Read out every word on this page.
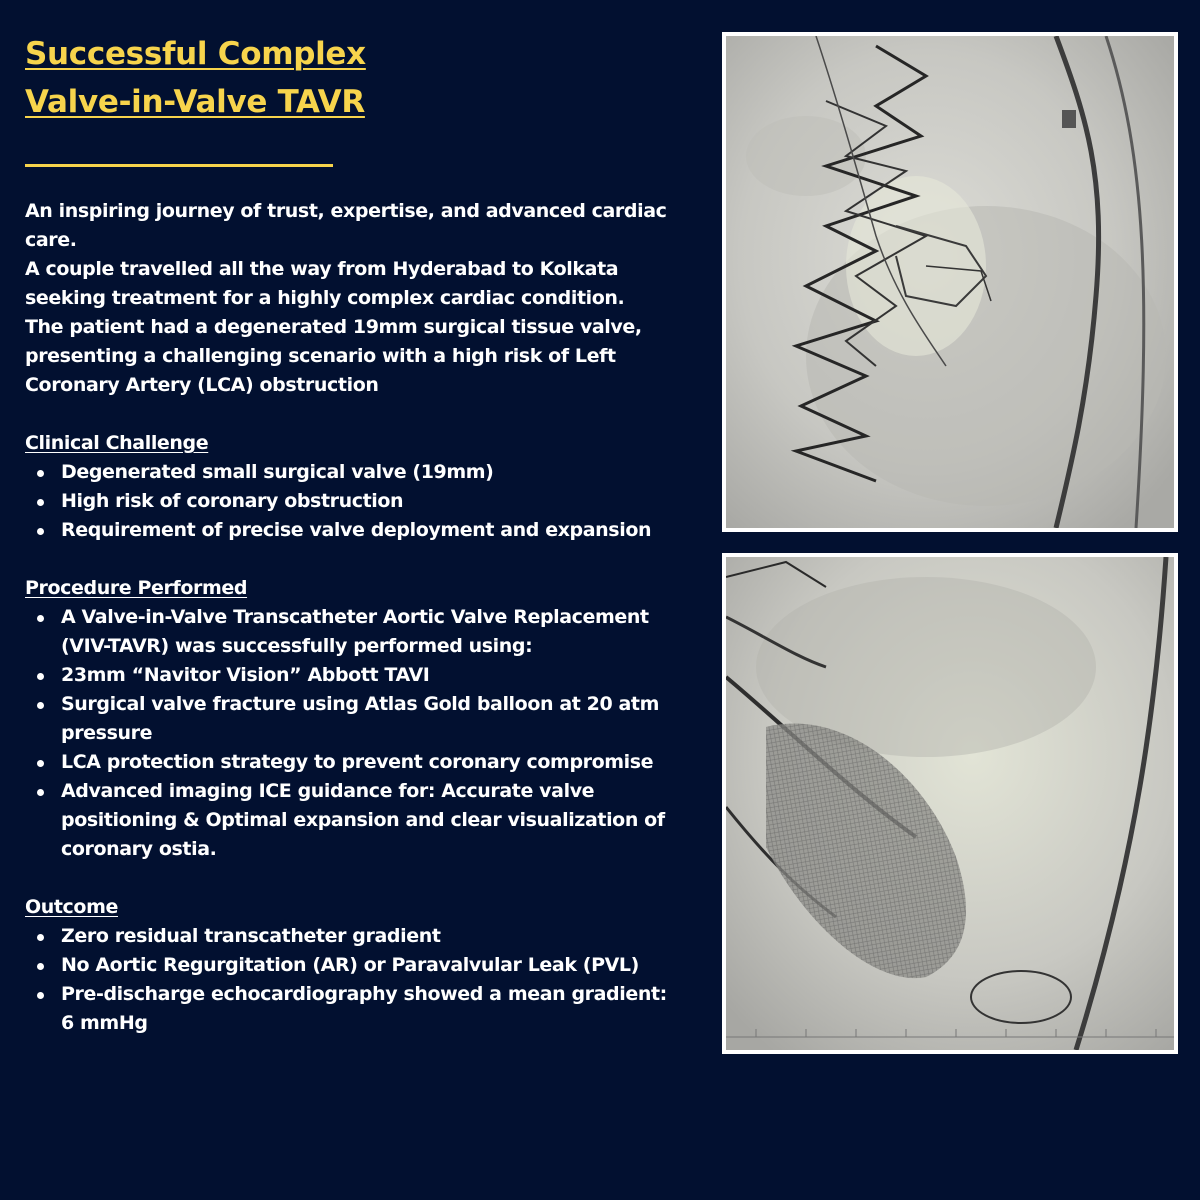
Successful Complex
Valve-in-Valve TAVR

An inspiring journey of trust, expertise, and advanced cardiac care.

A couple travelled all the way from Hyderabad to Kolkata seeking treatment for a highly complex cardiac condition.

The patient had a degenerated 19mm surgical tissue valve, presenting a challenging scenario with a high risk of Left Coronary Artery (LCA) obstruction

Clinical Challenge
Degenerated small surgical valve (19mm)
High risk of coronary obstruction
Requirement of precise valve deployment and expansion
Procedure Performed
A Valve-in-Valve Transcatheter Aortic Valve Replacement (VIV-TAVR) was successfully performed using:
23mm “Navitor Vision” Abbott TAVI
Surgical valve fracture using Atlas Gold balloon at 20 atm pressure
LCA protection strategy to prevent coronary compromise
Advanced imaging ICE guidance for: Accurate valve positioning & Optimal expansion and clear visualization of coronary ostia.
Outcome
Zero residual transcatheter gradient
No Aortic Regurgitation (AR) or Paravalvular Leak (PVL)
Pre-discharge echocardiography showed a mean gradient: 6 mmHg
